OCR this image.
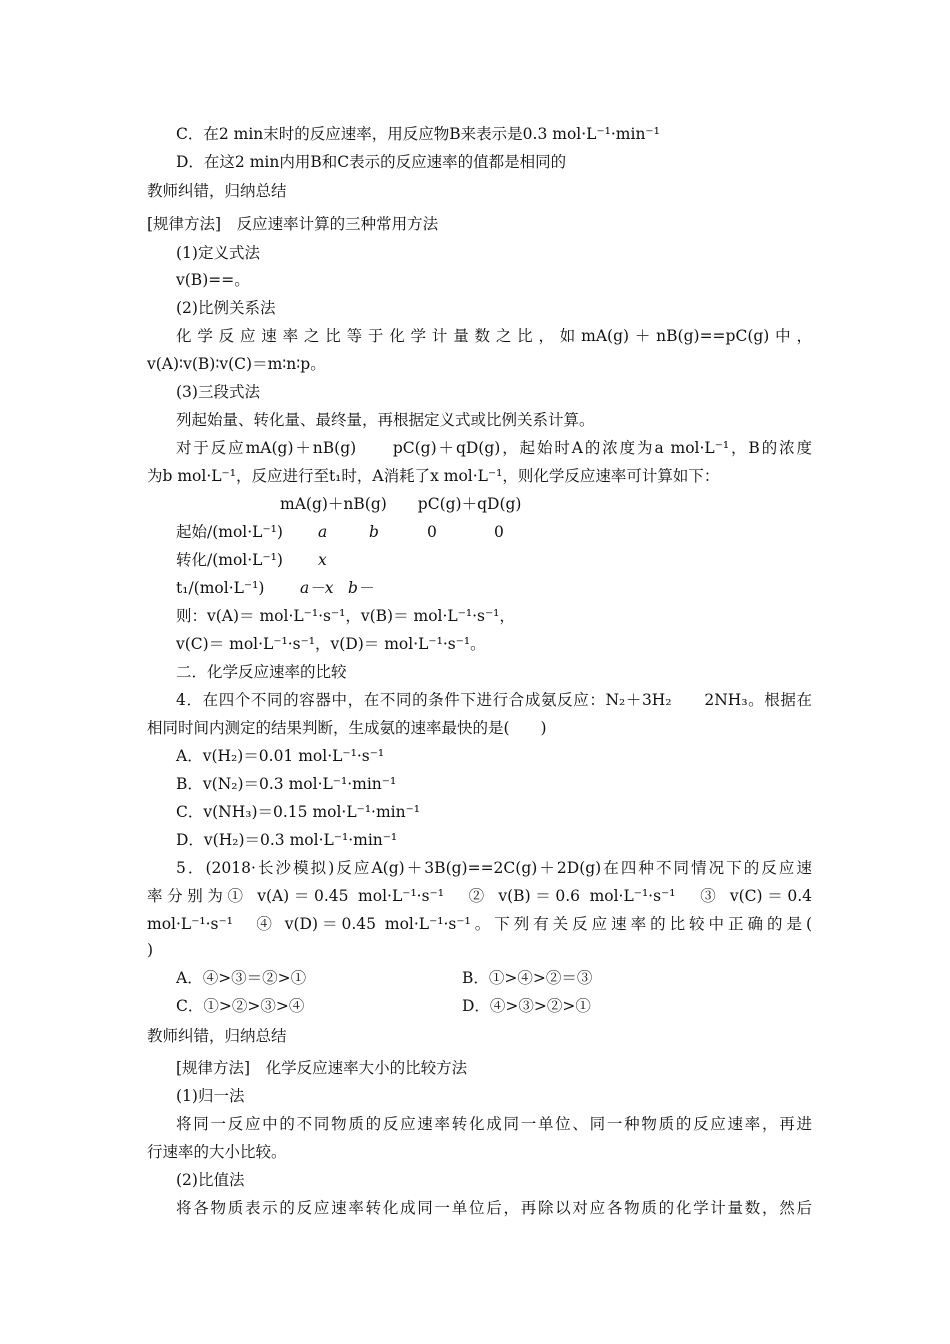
C．在2 min末时的反应速率，用反应物B来表示是0.3 mol·L⁻¹·min⁻¹
D．在这2 min内用B和C表示的反应速率的值都是相同的
教师纠错，归纳总结
[规律方法]　反应速率计算的三种常用方法
(1)定义式法
v(B)==。
(2)比例关系法
化学反应速率之比等于化学计量数之比，如mA(g)＋nB(g)==pC(g)中，
v(A)∶v(B)∶v(C)＝m∶n∶p。
(3)三段式法
列起始量、转化量、最终量，再根据定义式或比例关系计算。
对于反应mA(g)＋nB(g)　　pC(g)＋qD(g)，起始时A的浓度为a mol·L⁻¹，B的浓度
为b mol·L⁻¹，反应进行至t₁时，A消耗了x mol·L⁻¹，则化学反应速率可计算如下：
mA(g)＋nB(g)　　pC(g)＋qD(g)
起始/(mol·L⁻¹) a	b	0	0
转化/(mol·L⁻¹) x
t₁/(mol·L⁻¹) a－x b－
则：v(A)＝ mol·L⁻¹·s⁻¹，v(B)＝ mol·L⁻¹·s⁻¹，
v(C)＝ mol·L⁻¹·s⁻¹，v(D)＝ mol·L⁻¹·s⁻¹。
二．化学反应速率的比较
4．在四个不同的容器中，在不同的条件下进行合成氨反应：N₂＋3H₂　　2NH₃。根据在
相同时间内测定的结果判断，生成氨的速率最快的是(　　)
A．v(H₂)＝0.01 mol·L⁻¹·s⁻¹
B．v(N₂)＝0.3 mol·L⁻¹·min⁻¹
C．v(NH₃)＝0.15 mol·L⁻¹·min⁻¹
D．v(H₂)＝0.3 mol·L⁻¹·min⁻¹
5．(2018·长沙模拟)反应A(g)＋3B(g)==2C(g)＋2D(g)在四种不同情况下的反应速
率分别为① v(A)＝0.45 mol·L⁻¹·s⁻¹　② v(B)＝0.6 mol·L⁻¹·s⁻¹　③ v(C)＝0.4
mol·L⁻¹·s⁻¹　④ v(D)＝0.45 mol·L⁻¹·s⁻¹。下列有关反应速率的比较中正确的是(
)
A．④>③＝②>①	B．①>④>②＝③
C．①>②>③>④	D．④>③>②>①
教师纠错，归纳总结
[规律方法]　化学反应速率大小的比较方法
(1)归一法
将同一反应中的不同物质的反应速率转化成同一单位、同一种物质的反应速率，再进
行速率的大小比较。
(2)比值法
将各物质表示的反应速率转化成同一单位后，再除以对应各物质的化学计量数，然后
